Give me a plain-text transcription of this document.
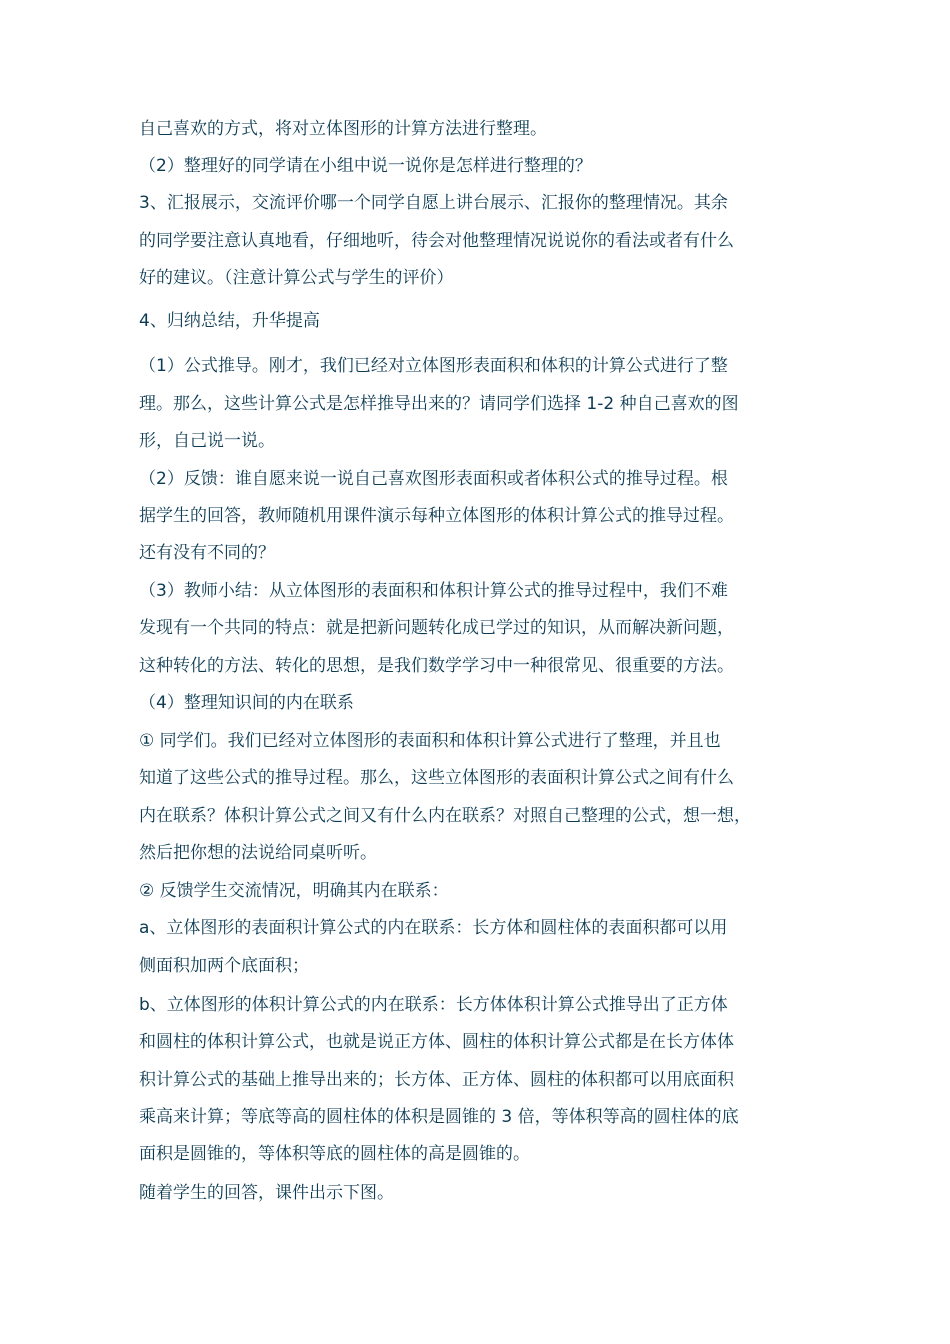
自己喜欢的方式，将对立体图形的计算方法进行整理。
（2）整理好的同学请在小组中说一说你是怎样进行整理的？
3、汇报展示，交流评价哪一个同学自愿上讲台展示、汇报你的整理情况。其余
的同学要注意认真地看，仔细地听，待会对他整理情况说说你的看法或者有什么
好的建议。（注意计算公式与学生的评价）
4、归纳总结，升华提高
（1）公式推导。刚才，我们已经对立体图形表面积和体积的计算公式进行了整
理。那么，这些计算公式是怎样推导出来的？请同学们选择 1-2 种自己喜欢的图
形，自己说一说。
（2）反馈：谁自愿来说一说自己喜欢图形表面积或者体积公式的推导过程。根
据学生的回答，教师随机用课件演示每种立体图形的体积计算公式的推导过程。
还有没有不同的？
（3）教师小结：从立体图形的表面积和体积计算公式的推导过程中，我们不难
发现有一个共同的特点：就是把新问题转化成已学过的知识，从而解决新问题，
这种转化的方法、转化的思想，是我们数学学习中一种很常见、很重要的方法。
（4）整理知识间的内在联系
① 同学们。我们已经对立体图形的表面积和体积计算公式进行了整理，并且也
知道了这些公式的推导过程。那么，这些立体图形的表面积计算公式之间有什么
内在联系？体积计算公式之间又有什么内在联系？对照自己整理的公式，想一想，
然后把你想的法说给同桌听听。
② 反馈学生交流情况，明确其内在联系：
a、立体图形的表面积计算公式的内在联系：长方体和圆柱体的表面积都可以用
侧面积加两个底面积；
b、立体图形的体积计算公式的内在联系：长方体体积计算公式推导出了正方体
和圆柱的体积计算公式，也就是说正方体、圆柱的体积计算公式都是在长方体体
积计算公式的基础上推导出来的；长方体、正方体、圆柱的体积都可以用底面积
乘高来计算；等底等高的圆柱体的体积是圆锥的 3 倍，等体积等高的圆柱体的底
面积是圆锥的，等体积等底的圆柱体的高是圆锥的。
随着学生的回答，课件出示下图。
